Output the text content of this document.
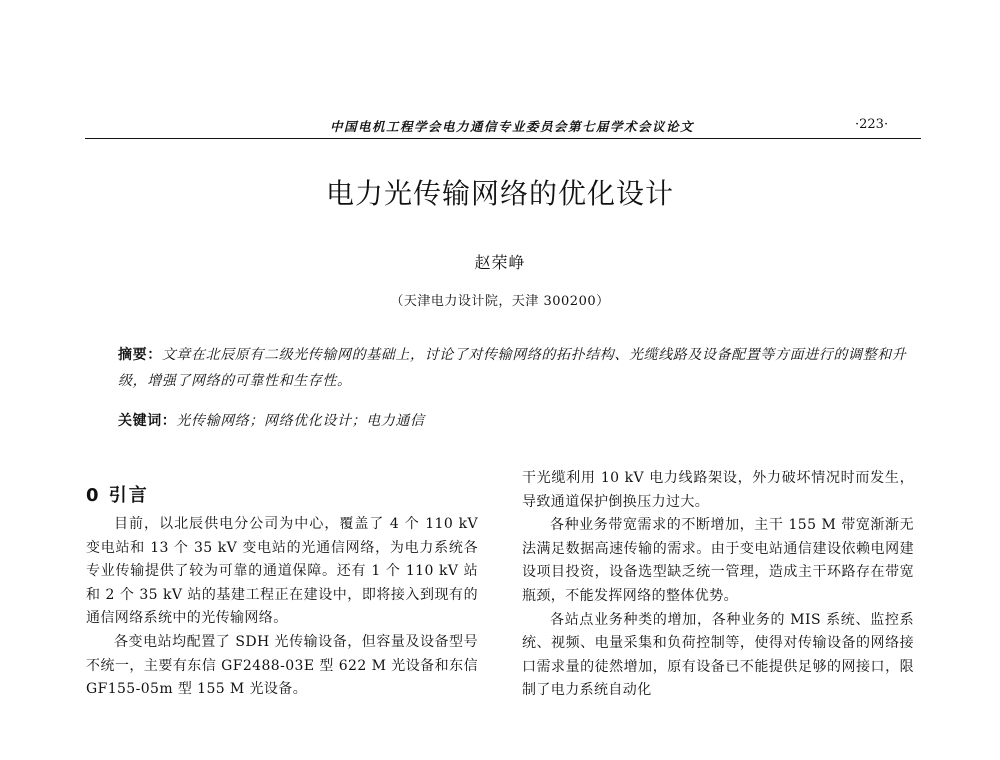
中国电机工程学会电力通信专业委员会第七届学术会议论文	·223·
电力光传输网络的优化设计
赵荣峥
（天津电力设计院，天津 300200）
摘要：文章在北辰原有二级光传输网的基础上，讨论了对传输网络的拓扑结构、光缆线路及设备配置等方面进行的调整和升级，增强了网络的可靠性和生存性。
关键词：光传输网络；网络优化设计；电力通信
0 引言

目前，以北辰供电分公司为中心，覆盖了 4 个 110 kV 变电站和 13 个 35 kV 变电站的光通信网络，为电力系统各专业传输提供了较为可靠的通道保障。还有 1 个 110 kV 站和 2 个 35 kV 站的基建工程正在建设中，即将接入到现有的通信网络系统中的光传输网络。

各变电站均配置了 SDH 光传输设备，但容量及设备型号不统一，主要有东信 GF2488-03E 型 622 M 光设备和东信 GF155-05m 型 155 M 光设备。

干光缆利用 10 kV 电力线路架设，外力破坏情况时而发生，导致通道保护倒换压力过大。

各种业务带宽需求的不断增加，主干 155 M 带宽渐渐无法满足数据高速传输的需求。由于变电站通信建设依赖电网建设项目投资，设备选型缺乏统一管理，造成主干环路存在带宽瓶颈，不能发挥网络的整体优势。

各站点业务种类的增加，各种业务的 MIS 系统、监控系统、视频、电量采集和负荷控制等，使得对传输设备的网络接口需求量的徒然增加，原有设备已不能提供足够的网接口，限制了电力系统自动化
